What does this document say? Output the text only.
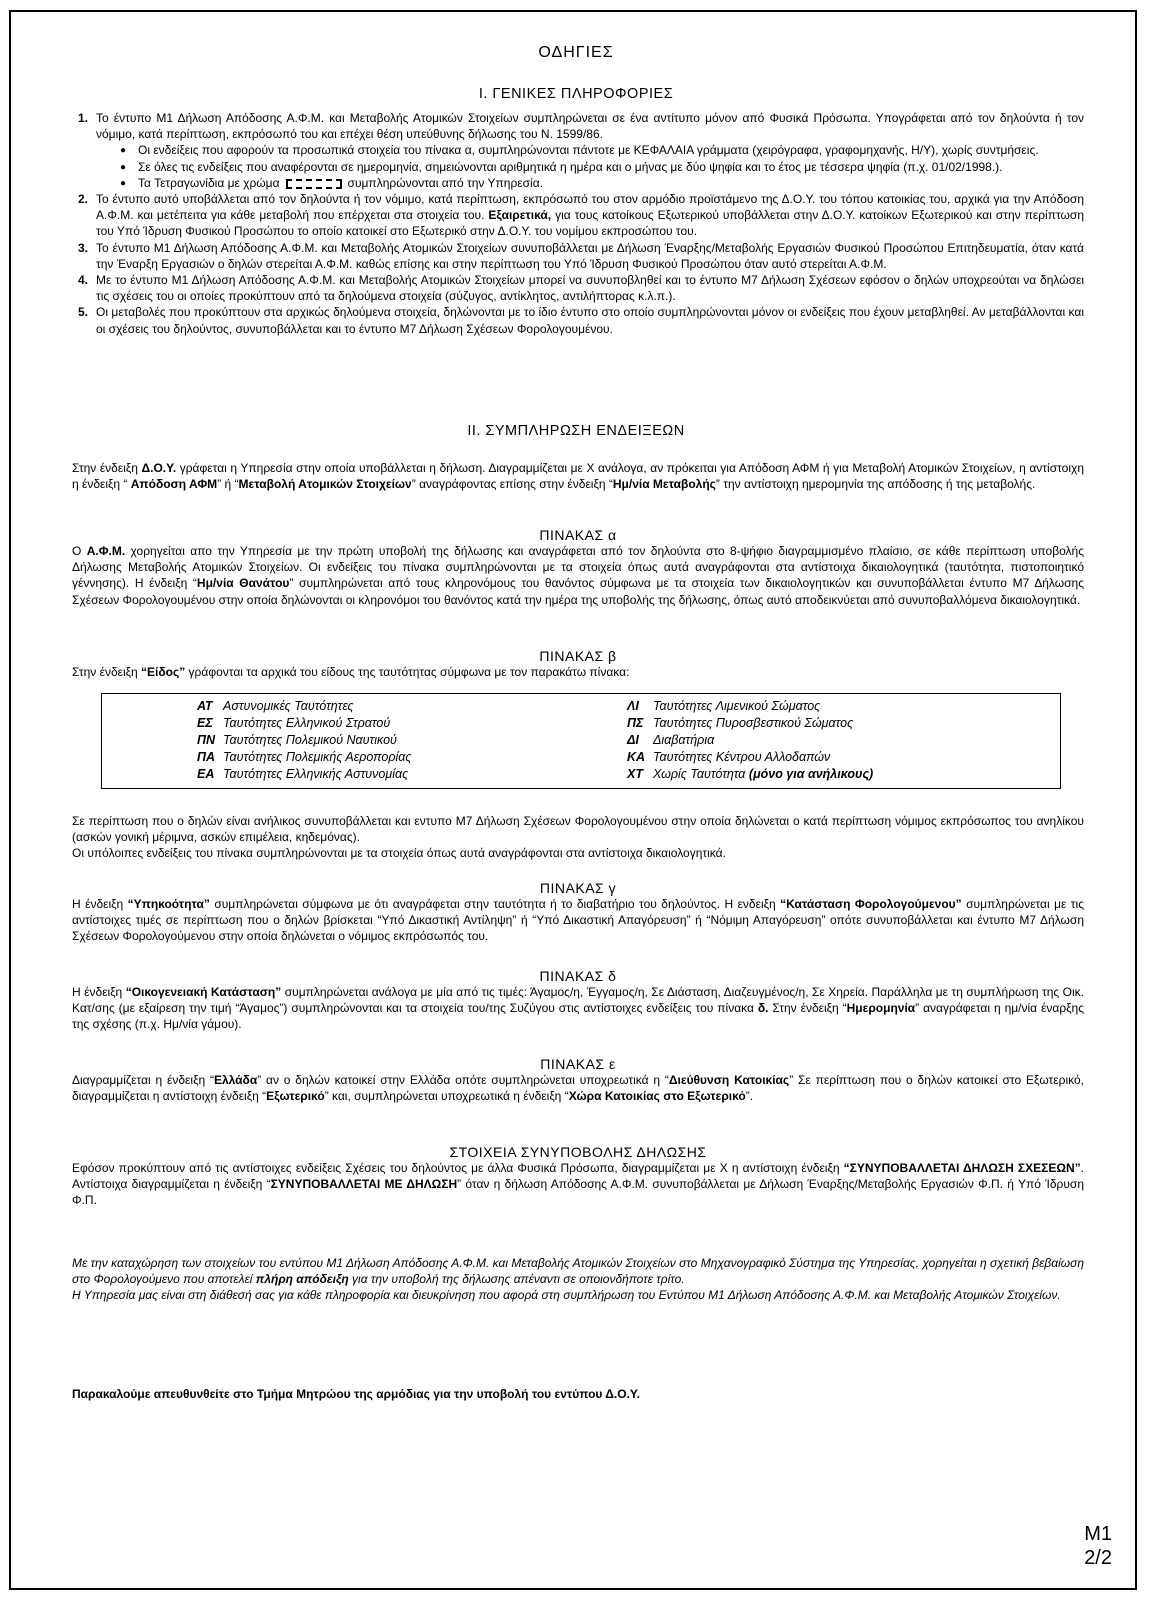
ΟΔΗΓΙΕΣ
Ι. ΓΕΝΙΚΕΣ ΠΛΗΡΟΦΟΡΙΕΣ

1. Το έντυπο Μ1 Δήλωση Απόδοσης Α.Φ.Μ. και Μεταβολής Ατομικών Στοιχείων συμπληρώνεται σε ένα αντίτυπο μόνον από Φυσικά Πρόσωπα. Υπογράφεται από τον δηλούντα ή τον νόμιμο, κατά περίπτωση, εκπρόσωπό του και επέχει θέση υπεύθυνης δήλωσης του Ν. 1599/86.

● Οι ενδείξεις που αφορούν τα προσωπικά στοιχεία του πίνακα α, συμπληρώνονται πάντοτε με ΚΕΦΑΛΑΙΑ γράμματα (χειρόγραφα, γραφομηχανής, Η/Υ), χωρίς συντμήσεις.

● Σε όλες τις ενδείξεις που αναφέρονται σε ημερομηνία, σημειώνονται αριθμητικά η ημέρα και ο μήνας με δύο ψηφία και το έτος με τέσσερα ψηφία (π.χ. 01/02/1998.).

● Τα Τετραγωνίδια με χρώμα	συμπληρώνονται από την Υπηρεσία.

2. Το έντυπο αυτό υποβάλλεται από τον δηλούντα ή τον νόμιμο, κατά περίπτωση, εκπρόσωπό του στον αρμόδιο προϊστάμενο της Δ.Ο.Υ. του τόπου κατοικίας του, αρχικά για την Απόδοση Α.Φ.Μ. και μετέπειτα για κάθε μεταβολή που επέρχεται στα στοιχεία του. Εξαιρετικά, για τους κατοίκους Εξωτερικού υποβάλλεται στην Δ.Ο.Υ. κατοίκων Εξωτερικού και στην περίπτωση του Υπό Ίδρυση Φυσικού Προσώπου το οποίο κατοικεί στο Εξωτερικό στην Δ.Ο.Υ. του νομίμου εκπροσώπου του.

3. Το έντυπο Μ1 Δήλωση Απόδοσης Α.Φ.Μ. και Μεταβολής Ατομικών Στοιχείων συνυποβάλλεται με Δήλωση Έναρξης/Μεταβολής Εργασιών Φυσικού Προσώπου Επιτηδευματία, όταν κατά την Έναρξη Εργασιών ο δηλών στερείται Α.Φ.Μ. καθώς επίσης και στην περίπτωση του Υπό Ίδρυση Φυσικού Προσώπου όταν αυτό στερείται Α.Φ.Μ.

4. Με το έντυπο Μ1 Δήλωση Απόδοσης Α.Φ.Μ. και Μεταβολής Ατομικών Στοιχείων μπορεί να συνυποβληθεί και το έντυπο Μ7 Δήλωση Σχέσεων εφόσον ο δηλών υποχρεούται να δηλώσει τις σχέσεις του οι οποίες προκύπτουν από τα δηλούμενα στοιχεία (σύζυγος, αντίκλητος, αντιλήπτορας κ.λ.π.).

5. Οι μεταβολές που προκύπτουν στα αρχικώς δηλούμενα στοιχεία, δηλώνονται με το ίδιο έντυπο στο οποίο συμπληρώνονται μόνον οι ενδείξεις που έχουν μεταβληθεί. Αν μεταβάλλονται και οι σχέσεις του δηλούντος, συνυποβάλλεται και το έντυπο Μ7 Δήλωση Σχέσεων Φορολογουμένου.

ΙΙ. ΣΥΜΠΛΗΡΩΣΗ ΕΝΔΕΙΞΕΩΝ

Στην ένδειξη Δ.Ο.Υ. γράφεται η Υπηρεσία στην οποία υποβάλλεται η δήλωση. Διαγραμμίζεται με Χ ανάλογα, αν πρόκειται για Απόδοση ΑΦΜ ή για Μεταβολή Ατομικών Στοιχείων, η αντίστοιχη η ένδειξη “ Απόδοση ΑΦΜ” ή “Μεταβολή Ατομικών Στοιχείων” αναγράφοντας επίσης στην ένδειξη “Ημ/νία Μεταβολής” την αντίστοιχη ημερομηνία της απόδοσης ή της μεταβολής.

ΠΙΝΑΚΑΣ α

Ο Α.Φ.Μ. χορηγείται απο την Υπηρεσία με την πρώτη υποβολή της δήλωσης και αναγράφεται από τον δηλούντα στο 8-ψήφιο διαγραμμισμένο πλαίσιο, σε κάθε περίπτωση υποβολής Δήλωσης Μεταβολής Ατομικών Στοιχείων. Οι ενδείξεις του πίνακα συμπληρώνονται με τα στοιχεία όπως αυτά αναγράφονται στα αντίστοιχα δικαιολογητικά (ταυτότητα, πιστοποιητικό γέννησης). Η ένδειξη “Ημ/νία Θανάτου” συμπληρώνεται από τους κληρονόμους του θανόντος σύμφωνα με τα στοιχεία των δικαιολογητικών και συνυποβάλλεται έντυπο Μ7 Δήλωσης Σχέσεων Φορολογουμένου στην οποία δηλώνονται οι κληρονόμοι του θανόντος κατά την ημέρα της υποβολής της δήλωσης, όπως αυτό αποδεικνύεται από συνυποβαλλόμενα δικαιολογητικά.

ΠΙΝΑΚΑΣ β

Στην ένδειξη “Είδος” γράφονται τα αρχικά του είδους της ταυτότητας σύμφωνα με τον παρακάτω πίνακα:

ΑΤ Αστυνομικές Ταυτότητες
ΕΣ Ταυτότητες Ελληνικού Στρατού
ΠΝ Ταυτότητες Πολεμικού Ναυτικού
ΠΑ Ταυτότητες Πολεμικής Αεροπορίας
ΕΑ Ταυτότητες Ελληνικής Αστυνομίας
ΛΙ Ταυτότητες Λιμενικού Σώματος
ΠΣ Ταυτότητες Πυροσβεστικού Σώματος
ΔΙ Διαβατήρια
ΚΑ Ταυτότητες Κέντρου Αλλοδαπών
ΧΤ Χωρίς Ταυτότητα (μόνο για ανήλικους)

Σε περίπτωση που ο δηλών είναι ανήλικος συνυποβάλλεται και εντυπο Μ7 Δήλωση Σχέσεων Φορολογουμένου στην οποία δηλώνεται ο κατά περίπτωση νόμιμος εκπρόσωπος του ανηλίκου (ασκών γονική μέριμνα, ασκών επιμέλεια, κηδεμόνας).

Οι υπόλοιπες ενδείξεις του πίνακα συμπληρώνονται με τα στοιχεία όπως αυτά αναγράφονται στα αντίστοιχα δικαιολογητικά.

ΠΙΝΑΚΑΣ γ

Η ένδειξη “Υπηκοότητα” συμπληρώνεται σύμφωνα με ότι αναγράφεται στην ταυτότητα ή το διαβατήριο του δηλούντος. Η ενδειξη “Κατάσταση Φορολογούμενου” συμπληρώνεται με τις αντίστοιχες τιμές σε περίπτωση που ο δηλών βρίσκεται “Υπό Δικαστική Αντίληψη” ή “Υπό Δικαστική Απαγόρευση” ή “Νόμιμη Απαγόρευση” οπότε συνυποβάλλεται και έντυπο Μ7 Δήλωση Σχέσεων Φορολογούμενου στην οποία δηλώνεται ο νόμιμος εκπρόσωπός του.

ΠΙΝΑΚΑΣ δ

Η ένδειξη “Οικογενειακή Κατάσταση” συμπληρώνεται ανάλογα με μία από τις τιμές: Άγαμος/η, Έγγαμος/η, Σε Διάσταση, Διαζευγμένος/η, Σε Χηρεία. Παράλληλα με τη συμπλήρωση της Οικ. Κατ/σης (με εξαίρεση την τιμή “Άγαμος”) συμπληρώνονται και τα στοιχεία του/της Συζύγου στις αντίστοιχες ενδείξεις του πίνακα δ. Στην ένδειξη “Ημερομηνία” αναγράφεται η ημ/νία έναρξης της σχέσης (π.χ. Ημ/νία γάμου).

ΠΙΝΑΚΑΣ ε

Διαγραμμίζεται η ένδειξη “Ελλάδα” αν ο δηλών κατοικεί στην Ελλάδα οπότε συμπληρώνεται υποχρεωτικά η “Διεύθυνση Κατοικίας” Σε περίπτωση που ο δηλών κατοικεί στο Εξωτερικό, διαγραμμίζεται η αντίστοιχη ένδειξη “Εξωτερικό” και, συμπληρώνεται υποχρεωτικά η ένδειξη “Χώρα Κατοικίας στο Εξωτερικό”.

ΣΤΟΙΧΕΙΑ ΣΥΝΥΠΟΒΟΛΗΣ ΔΗΛΩΣΗΣ

Εφόσον προκύπτουν από τις αντίστοιχες ενδείξεις Σχέσεις του δηλούντος με άλλα Φυσικά Πρόσωπα, διαγραμμίζεται με Χ η αντίστοιχη ένδειξη “ΣΥΝΥΠΟΒΑΛΛΕΤΑΙ ΔΗΛΩΣΗ ΣΧΕΣΕΩΝ”. Αντίστοιχα διαγραμμίζεται η ένδειξη “ΣΥΝΥΠΟΒΑΛΛΕΤΑΙ ΜΕ ΔΗΛΩΣΗ” όταν η δήλωση Απόδοσης Α.Φ.Μ. συνυποβάλλεται με Δήλωση Έναρξης/Μεταβολής Εργασιών Φ.Π. ή Υπό Ίδρυση Φ.Π.

Με την καταχώρηση των στοιχείων του εντύπου Μ1 Δήλωση Απόδοσης Α.Φ.Μ. και Μεταβολής Ατομικών Στοιχείων στο Μηχανογραφικό Σύστημα της Υπηρεσίας, χορηγείται η σχετική βεβαίωση στο Φορολογούμενο που αποτελεί πλήρη απόδειξη για την υποβολή της δήλωσης απέναντι σε οποιονδήποτε τρίτο.

Η Υπηρεσία μας είναι στη διάθεσή σας για κάθε πληροφορία και διευκρίνηση που αφορά στη συμπλήρωση του Εντύπου Μ1 Δήλωση Απόδοσης Α.Φ.Μ. και Μεταβολής Ατομικών Στοιχείων.

Παρακαλούμε απευθυνθείτε στο Τμήμα Μητρώου της αρμόδιας για την υποβολή του εντύπου Δ.Ο.Υ.

Μ1
2/2
